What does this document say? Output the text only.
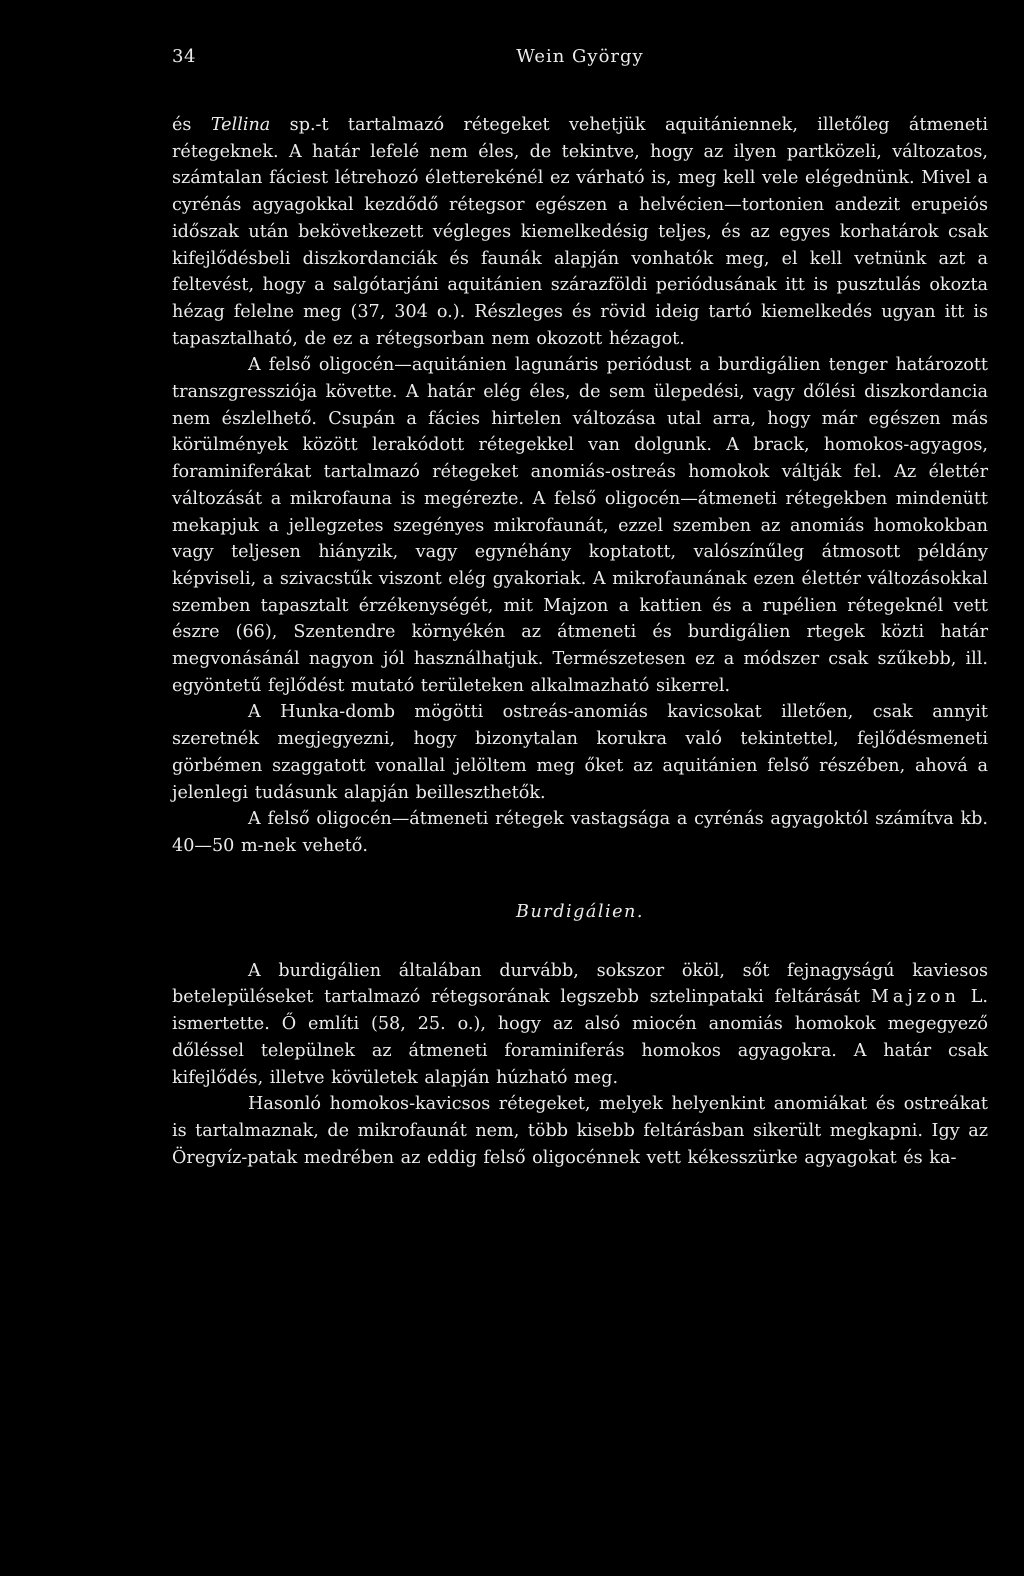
34	Wein György

és Tellina sp.-t tartalmazó rétegeket vehetjük aquitániennek, illetőleg átmeneti rétegeknek. A határ lefelé nem éles, de tekintve, hogy az ilyen partközeli, változatos, számtalan fáciest létrehozó életterekénél ez várható is, meg kell vele elégednünk. Mivel a cyrénás agyagokkal kezdődő rétegsor egészen a helvécien—tortonien andezit erupeiós időszak után bekövetkezett végleges kiemelkedésig teljes, és az egyes korhatárok csak kifejlődésbeli diszkordanciák és faunák alapján vonhatók meg, el kell vetnünk azt a feltevést, hogy a salgótarjáni aquitánien szárazföldi periódusának itt is pusztulás okozta hézag felelne meg (37, 304 o.). Részleges és rövid ideig tartó kiemelkedés ugyan itt is tapasztalható, de ez a rétegsorban nem okozott hézagot.

A felső oligocén—aquitánien lagunáris periódust a burdigálien tenger határozott transzgressziója követte. A határ elég éles, de sem ülepedési, vagy dőlési diszkordancia nem észlelhető. Csupán a fácies hirtelen változása utal arra, hogy már egészen más körülmények között lerakódott rétegekkel van dolgunk. A brack, homokos-agyagos, foraminiferákat tartalmazó rétegeket anomiás-ostreás homokok váltják fel. Az élettér változását a mikrofauna is megérezte. A felső oligocén—átmeneti rétegekben mindenütt mekapjuk a jellegzetes szegényes mikrofaunát, ezzel szemben az anomiás homokokban vagy teljesen hiányzik, vagy egynéhány koptatott, valószínűleg átmosott példány képviseli, a szivacstűk viszont elég gyakoriak. A mikrofaunának ezen élettér változásokkal szemben tapasztalt érzékenységét, mit Majzon a kattien és a rupélien rétegeknél vett észre (66), Szentendre környékén az átmeneti és burdigálien rtegek közti határ megvonásánál nagyon jól használhatjuk. Természetesen ez a módszer csak szűkebb, ill. egyöntetű fejlődést mutató területeken alkalmazható sikerrel.

A Hunka-domb mögötti ostreás-anomiás kavicsokat illetően, csak annyit szeretnék megjegyezni, hogy bizonytalan korukra való tekintettel, fejlődésmeneti görbémen szaggatott vonallal jelöltem meg őket az aquitánien felső részében, ahová a jelenlegi tudásunk alapján beilleszthetők.

A felső oligocén—átmeneti rétegek vastagsága a cyrénás agyagoktól számítva kb. 40—50 m-nek vehető.

Burdigálien.

A burdigálien általában durvább, sokszor ököl, sőt fejnagyságú kaviesos betelepüléseket tartalmazó rétegsorának legszebb sztelinpataki feltárását Majzon L. ismertette. Ő említi (58, 25. o.), hogy az alsó miocén anomiás homokok megegyező dőléssel települnek az átmeneti foraminiferás homokos agyagokra. A határ csak kifejlődés, illetve kövületek alapján húzható meg.

Hasonló homokos-kavicsos rétegeket, melyek helyenkint anomiákat és ostreákat is tartalmaznak, de mikrofaunát nem, több kisebb feltárásban sikerült megkapni. Igy az Öregvíz-patak medrében az eddig felső oligocénnek vett kékesszürke agyagokat és ka-
